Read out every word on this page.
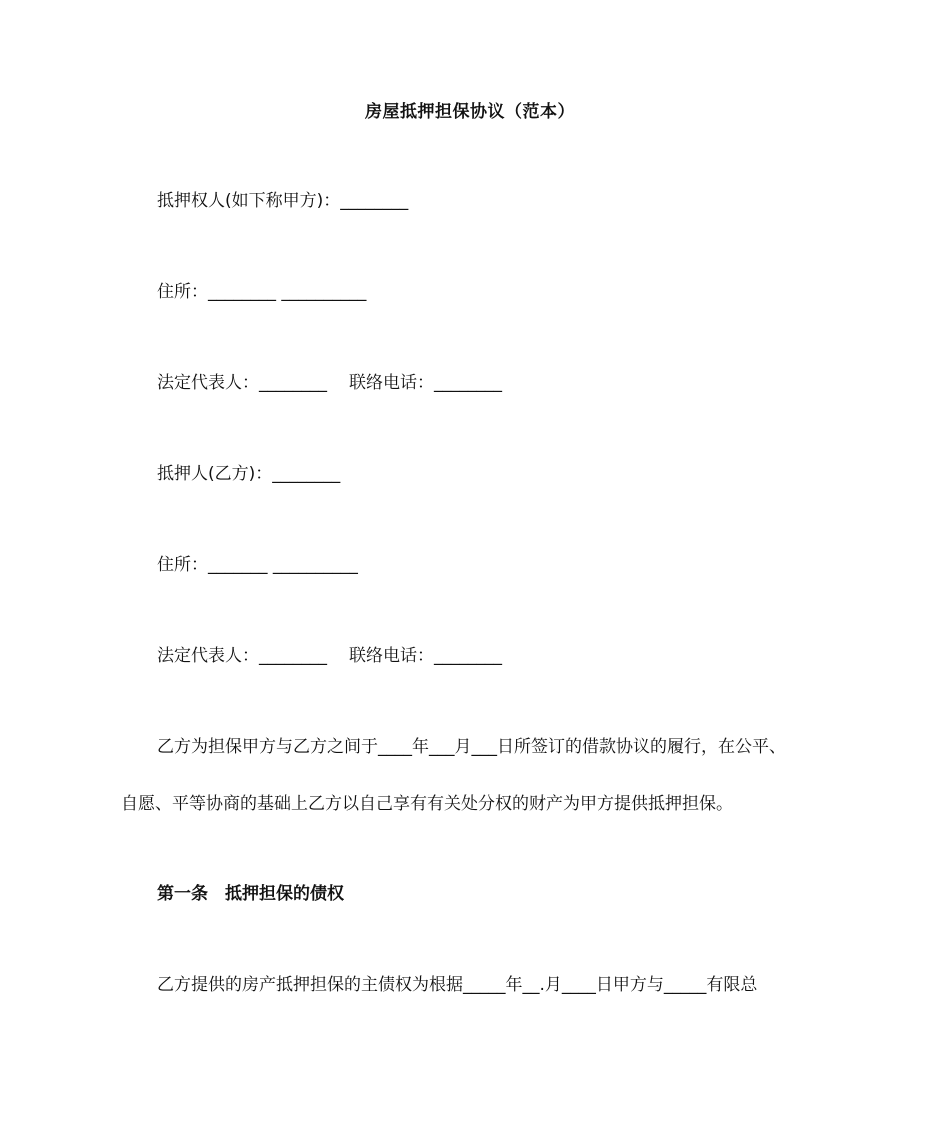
房屋抵押担保协议（范本）
抵押权人(如下称甲方)：________
住所：________ __________
法定代表人：________ 联络电话：________
抵押人(乙方)：________
住所：_______ __________
法定代表人：________ 联络电话：________
乙方为担保甲方与乙方之间于____年___月___日所签订的借款协议的履行，在公平、
自愿、平等协商的基础上乙方以自己享有有关处分权的财产为甲方提供抵押担保。
第一条　抵押担保的债权
乙方提供的房产抵押担保的主债权为根据_____年__.月____日甲方与_____有限总
